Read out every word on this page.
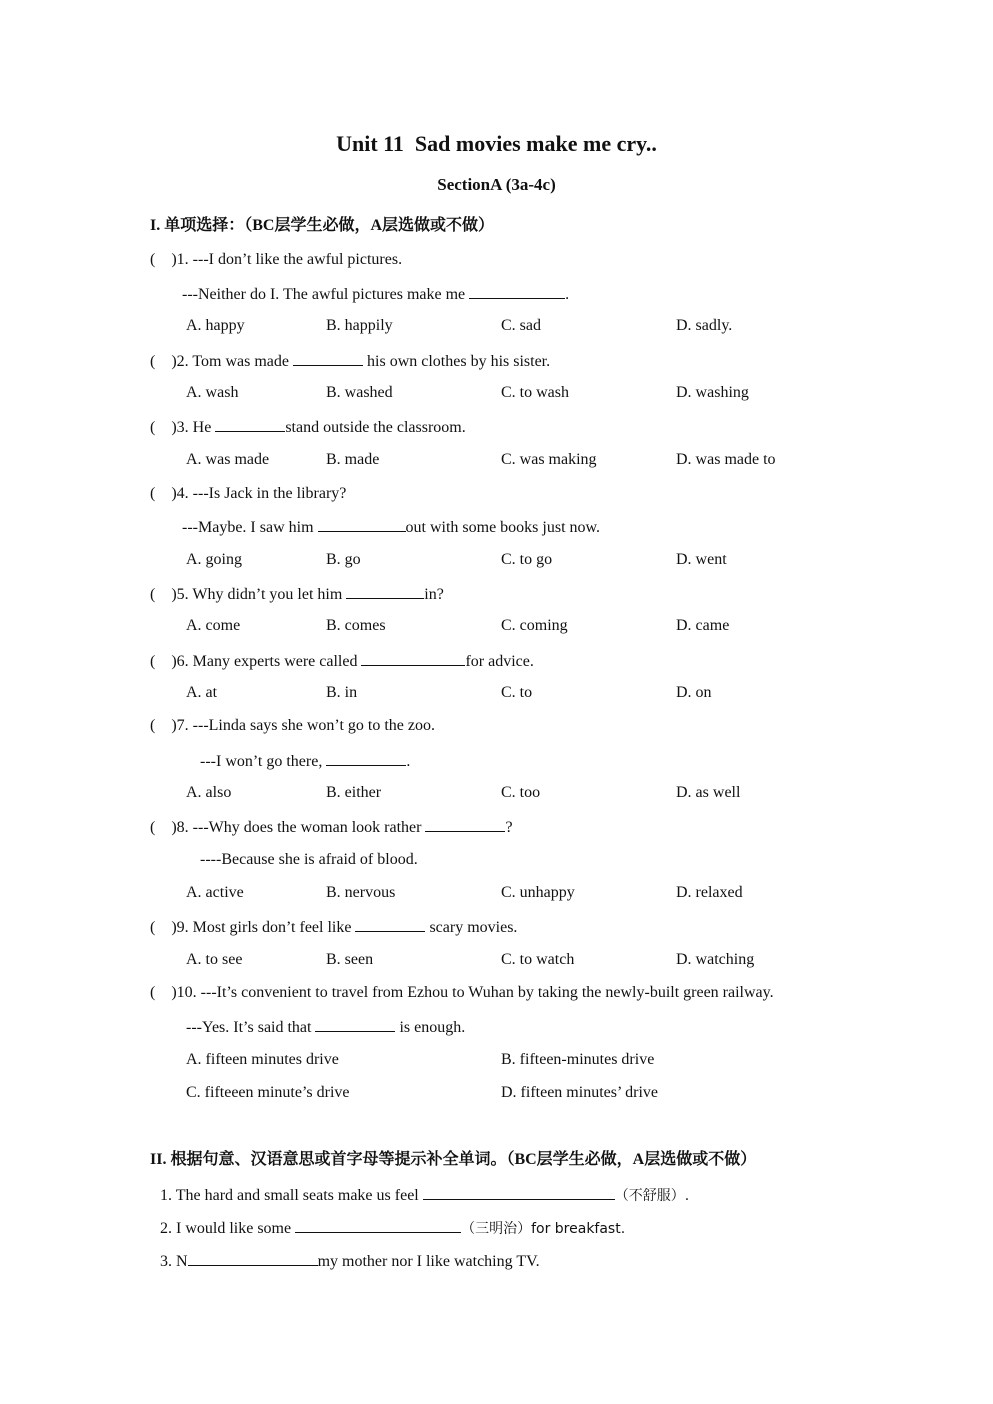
Unit 11  Sad movies make me cry..
SectionA (3a-4c)
I. 单项选择：（BC层学生必做，A层选做或不做）
(    )1. ---I don’t like the awful pictures.
---Neither do I. The awful pictures make me	.
A. happy	B. happily	C. sad	D. sadly.
(    )2. Tom was made	his own clothes by his sister.
A. wash	B. washed	C. to wash	D. washing
(    )3. He	stand outside the classroom.
A. was made	B. made	C. was making	D. was made to
(    )4. ---Is Jack in the library?
---Maybe. I saw him	out with some books just now.
A. going	B. go	C. to go	D. went
(    )5. Why didn’t you let him	in?
A. come	B. comes	C. coming	D. came
(    )6. Many experts were called	for advice.
A. at	B. in	C. to	D. on
(    )7. ---Linda says she won’t go to the zoo.
---I won’t go there,	.
A. also	B. either	C. too	D. as well
(    )8. ---Why does the woman look rather	?
----Because she is afraid of blood.
A. active	B. nervous	C. unhappy	D. relaxed
(    )9. Most girls don’t feel like	scary movies.
A. to see	B. seen	C. to watch	D. watching
(    )10. ---It’s convenient to travel from Ezhou to Wuhan by taking the newly-built green railway.
---Yes. It’s said that	is enough.
A. fifteen minutes drive	B. fifteen-minutes drive
C. fifteeen minute’s drive	D. fifteen minutes’ drive
II. 根据句意、汉语意思或首字母等提示补全单词。（BC层学生必做，A层选做或不做）
1. The hard and small seats make us feel	（不舒服）.
2. I would like some	（三明治）for breakfast.
3. N	my mother nor I like watching TV.
